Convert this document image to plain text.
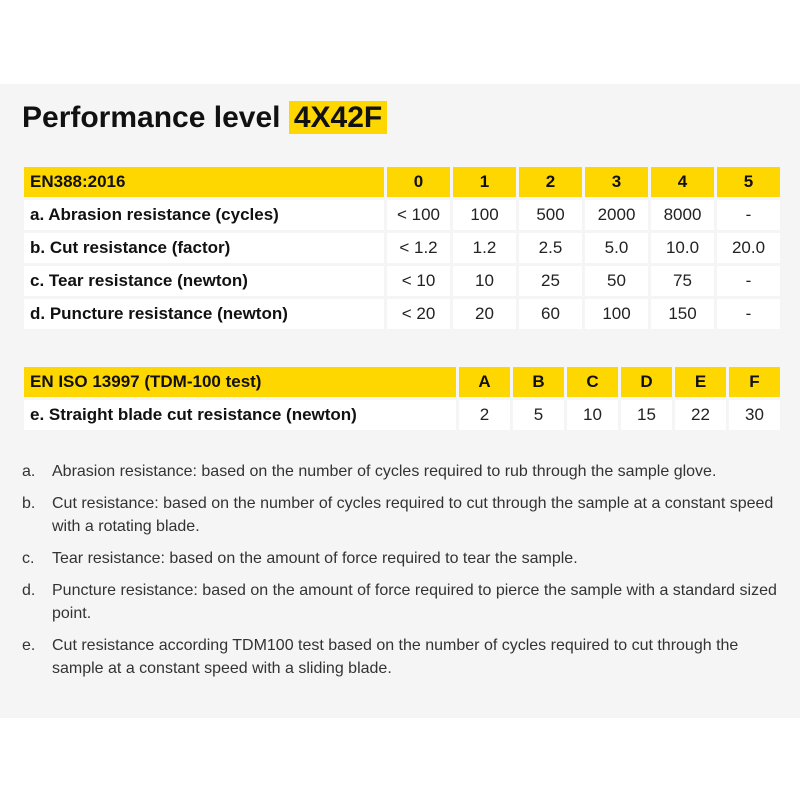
Performance level 4X42F
EN388:2016	0	1	2	3	4	5
a. Abrasion resistance (cycles)	< 100	100	500	2000	8000	-
b. Cut resistance (factor)	< 1.2	1.2	2.5	5.0	10.0	20.0
c. Tear resistance (newton)	< 10	10	25	50	75	-
d. Puncture resistance (newton)	< 20	20	60	100	150	-
EN ISO 13997 (TDM-100 test)	A	B	C	D	E	F
e. Straight blade cut resistance (newton)	2	5	10	15	22	30
a.	Abrasion resistance: based on the number of cycles required to rub through the sample glove.
b.	Cut resistance: based on the number of cycles required to cut through the sample at a constant speed with a rotating blade.
c.	Tear resistance: based on the amount of force required to tear the sample.
d.	Puncture resistance: based on the amount of force required to pierce the sample with a standard sized point.
e.	Cut resistance according TDM100 test based on the number of cycles required to cut through the sample at a constant speed with a sliding blade.
